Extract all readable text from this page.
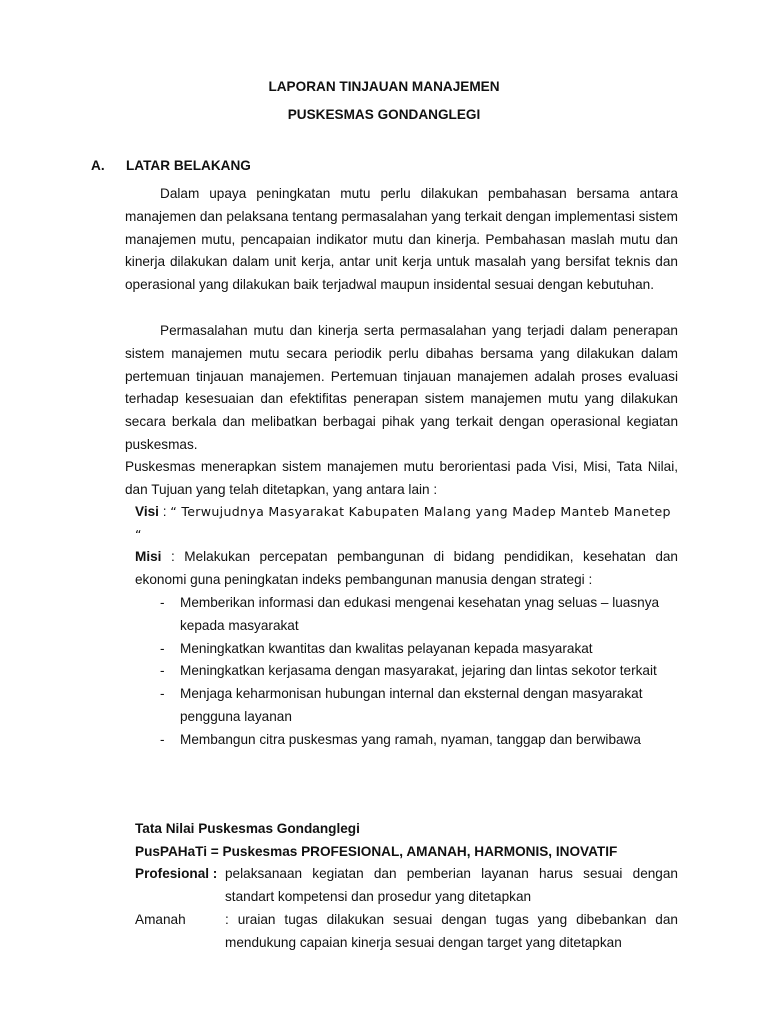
LAPORAN TINJAUAN MANAJEMEN
PUSKESMAS GONDANGLEGI
A. LATAR BELAKANG

Dalam upaya peningkatan mutu perlu dilakukan pembahasan bersama antara manajemen dan pelaksana tentang permasalahan yang terkait dengan implementasi sistem manajemen mutu, pencapaian indikator mutu dan kinerja. Pembahasan maslah mutu dan kinerja dilakukan dalam unit kerja, antar unit kerja untuk masalah yang bersifat teknis dan operasional yang dilakukan baik terjadwal maupun insidental sesuai dengan kebutuhan.

Permasalahan mutu dan kinerja serta permasalahan yang terjadi dalam penerapan sistem manajemen mutu secara periodik perlu dibahas bersama yang dilakukan dalam pertemuan tinjauan manajemen. Pertemuan tinjauan manajemen adalah proses evaluasi terhadap kesesuaian dan efektifitas penerapan sistem manajemen mutu yang dilakukan secara berkala dan melibatkan berbagai pihak yang terkait dengan operasional kegiatan puskesmas.

Puskesmas menerapkan sistem manajemen mutu berorientasi pada Visi, Misi, Tata Nilai, dan Tujuan yang telah ditetapkan, yang antara lain :

Visi : “ Terwujudnya Masyarakat Kabupaten Malang yang Madep Manteb Manetep “
Misi : Melakukan percepatan pembangunan di bidang pendidikan, kesehatan dan ekonomi guna peningkatan indeks pembangunan manusia dengan strategi :
- Memberikan informasi dan edukasi mengenai kesehatan ynag seluas – luasnya kepada masyarakat
- Meningkatkan kwantitas dan kwalitas pelayanan kepada masyarakat
- Meningkatkan kerjasama dengan masyarakat, jejaring dan lintas sekotor terkait
- Menjaga keharmonisan hubungan internal dan eksternal dengan masyarakat pengguna layanan
- Membangun citra puskesmas yang ramah, nyaman, tanggap dan berwibawa
Tata Nilai Puskesmas Gondanglegi
PusPAHaTi = Puskesmas PROFESIONAL, AMANAH, HARMONIS, INOVATIF
Profesional : pelaksanaan kegiatan dan pemberian layanan harus sesuai dengan standart kompetensi dan prosedur yang ditetapkan
Amanah	: uraian tugas dilakukan sesuai dengan tugas yang dibebankan dan mendukung capaian kinerja sesuai dengan target yang ditetapkan
